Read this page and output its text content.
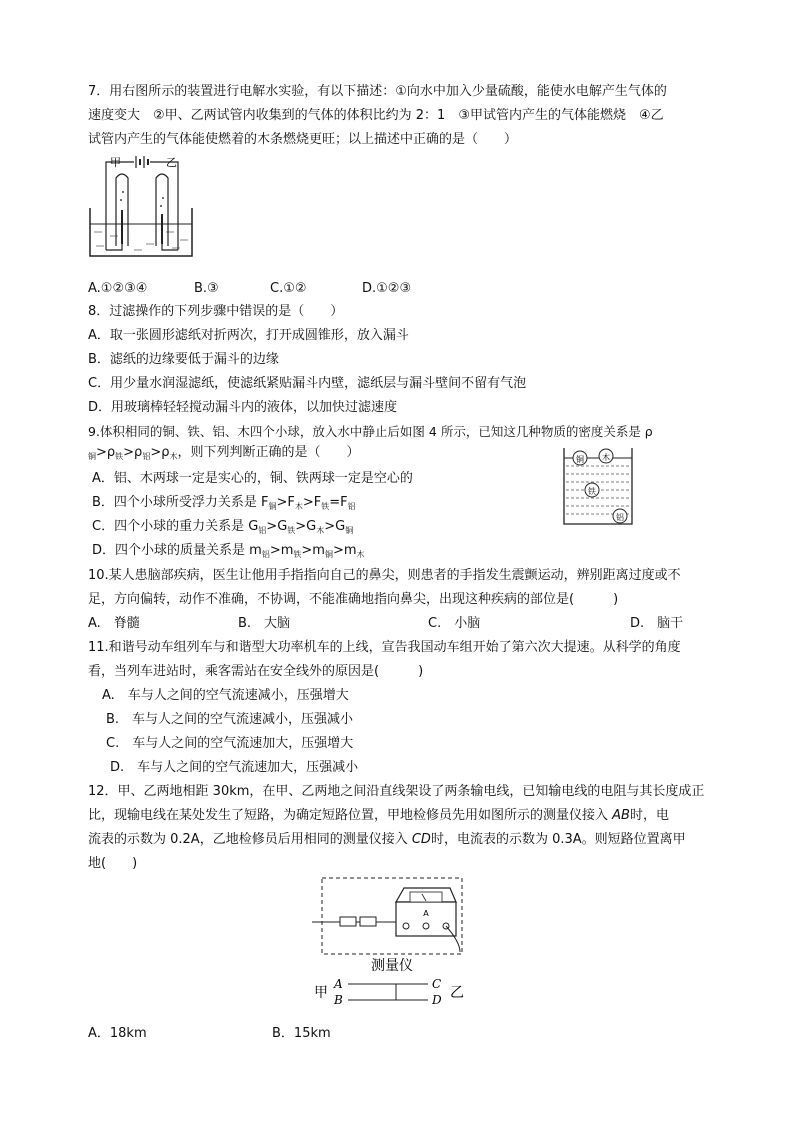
7．用右图所示的装置进行电解水实验，有以下描述：①向水中加入少量硫酸，能使水电解产生气体的
速度变大　②甲、乙两试管内收集到的气体的体积比约为 2：1　③甲试管内产生的气体能燃烧　④乙
试管内产生的气体能使燃着的木条燃烧更旺；以上描述中正确的是（　　）
甲	乙
A.①②③④	B.③	C.①②	D.①②③
8．过滤操作的下列步骤中错误的是（　　）
A．取一张圆形滤纸对折两次，打开成圆锥形，放入漏斗
B．滤纸的边缘要低于漏斗的边缘
C．用少量水润湿滤纸，使滤纸紧贴漏斗内壁，滤纸层与漏斗壁间不留有气泡
D．用玻璃棒轻轻搅动漏斗内的液体，以加快过滤速度
9.体积相同的铜、铁、铝、木四个小球，放入水中静止后如图 4 所示，已知这几种物质的密度关系是 ρ
$_铜>\rho_铁>\rho_铝>\rho_木$，则下列判断正确的是（　　）
A．铝、木两球一定是实心的，铜、铁两球一定是空心的
B．四个小球所受浮力关系是 $F_铜>F_木>F_铁=F_铝$
C．四个小球的重力关系是 $G_铝>G_铁>G_木>G_铜$
D．四个小球的质量关系是 $m_铝>m_铁>m_铜>m_木$
铜 木
铁
铝
10.某人患脑部疾病，医生让他用手指指向自己的鼻尖，则患者的手指发生震颤运动，辨别距离过度或不
足，方向偏转，动作不准确，不协调，不能准确地指向鼻尖，出现这种疾病的部位是(　　　)
A.　脊髓	B.　大脑	C.　小脑	D.　脑干
11.和谐号动车组列车与和谐型大功率机车的上线，宣告我国动车组开始了第六次大提速。从科学的角度
看，当列车进站时，乘客需站在安全线外的原因是(　　　)
A.　车与人之间的空气流速减小，压强增大
B.　车与人之间的空气流速减小，压强减小
C.　车与人之间的空气流速加大，压强增大
D.　车与人之间的空气流速加大，压强减小
12．甲、乙两地相距 30km，在甲、乙两地之间沿直线架设了两条输电线，已知输电线的电阻与其长度成正
比，现输电线在某处发生了短路，为确定短路位置，甲地检修员先用如图所示的测量仪接入 AB时，电
流表的示数为 0.2A，乙地检修员后用相同的测量仪接入 CD时，电流表的示数为 0.3A。则短路位置离甲
地(　　)
A
测量仪
甲
A
B
C
D 乙
A．18km	B．15km
